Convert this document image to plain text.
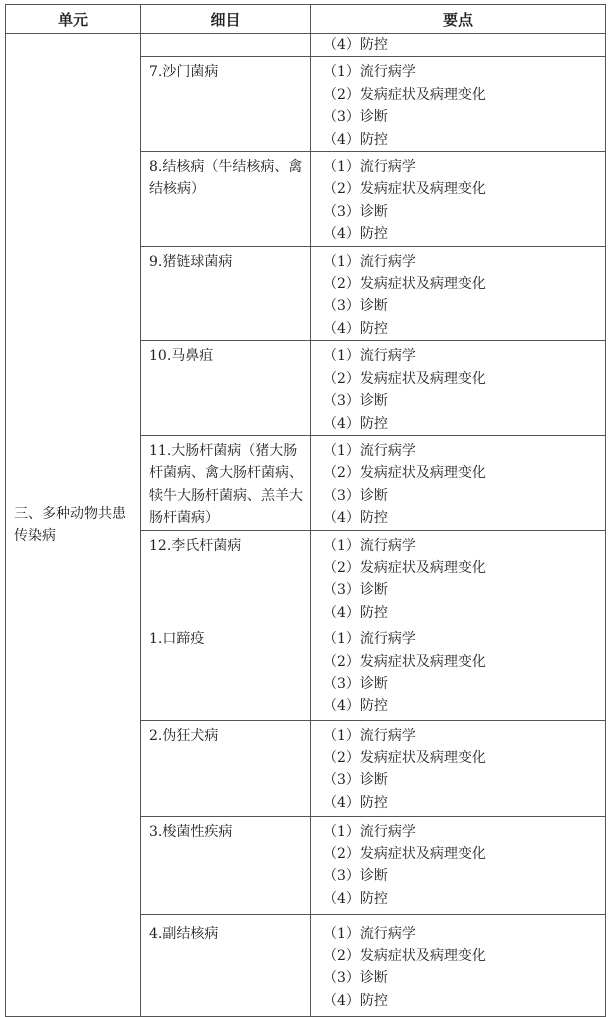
单元	细目	要点

三、多种动物共患传染病		（4）防控

	7.沙门菌病	（1）流行病学
（2）发病症状及病理变化
（3）诊断
（4）防控

	8.结核病（牛结核病、禽结核病）	（1）流行病学
（2）发病症状及病理变化
（3）诊断
（4）防控

	9.猪链球菌病	（1）流行病学
（2）发病症状及病理变化
（3）诊断
（4）防控

	10.马鼻疽	（1）流行病学
（2）发病症状及病理变化
（3）诊断
（4）防控

	11.大肠杆菌病（猪大肠杆菌病、禽大肠杆菌病、犊牛大肠杆菌病、羔羊大肠杆菌病）	（1）流行病学
（2）发病症状及病理变化
（3）诊断
（4）防控

	12.李氏杆菌病	（1）流行病学
（2）发病症状及病理变化
（3）诊断
（4）防控

	1.口蹄疫	（1）流行病学
（2）发病症状及病理变化
（3）诊断
（4）防控

	2.伪狂犬病	（1）流行病学
（2）发病症状及病理变化
（3）诊断
（4）防控

	3.梭菌性疾病	（1）流行病学
（2）发病症状及病理变化
（3）诊断
（4）防控

	4.副结核病	（1）流行病学
（2）发病症状及病理变化
（3）诊断
（4）防控
